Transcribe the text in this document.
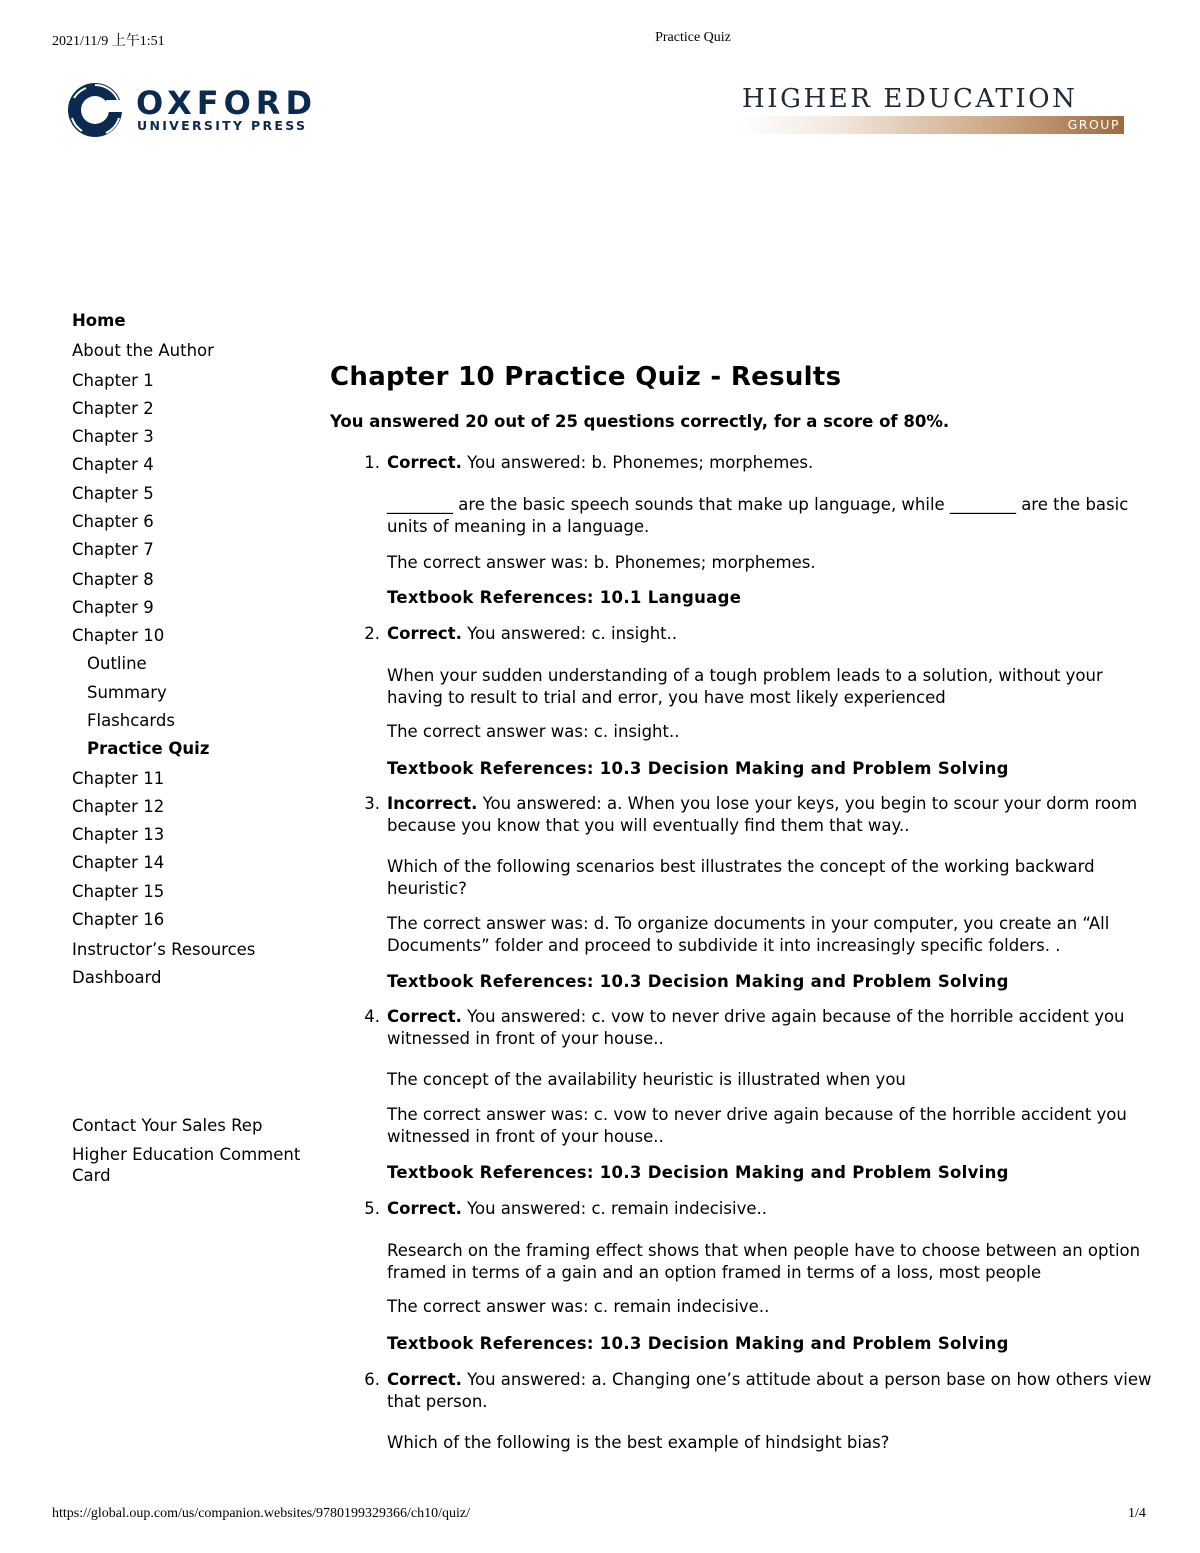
2021/11/9 上午1:51	Practice Quiz
OXFORD
UNIVERSITY PRESS
HIGHER EDUCATION
GROUP
Home
About the Author
Chapter 1
Chapter 2
Chapter 3
Chapter 4
Chapter 5
Chapter 6
Chapter 7
Chapter 8
Chapter 9
Chapter 10
Outline
Summary
Flashcards
Practice Quiz
Chapter 11
Chapter 12
Chapter 13
Chapter 14
Chapter 15
Chapter 16
Instructor’s Resources
Dashboard
Contact Your Sales Rep
Higher Education Comment Card
Chapter 10 Practice Quiz - Results
You answered 20 out of 25 questions correctly, for a score of 80%.
1. Correct. You answered: b. Phonemes; morphemes.
________ are the basic speech sounds that make up language, while ________ are the basic units of meaning in a language.
The correct answer was: b. Phonemes; morphemes.
Textbook References: 10.1 Language
2. Correct. You answered: c. insight..
When your sudden understanding of a tough problem leads to a solution, without your having to result to trial and error, you have most likely experienced
The correct answer was: c. insight..
Textbook References: 10.3 Decision Making and Problem Solving
3. Incorrect. You answered: a. When you lose your keys, you begin to scour your dorm room because you know that you will eventually find them that way..
Which of the following scenarios best illustrates the concept of the working backward heuristic?
The correct answer was: d. To organize documents in your computer, you create an “All Documents” folder and proceed to subdivide it into increasingly specific folders. .
Textbook References: 10.3 Decision Making and Problem Solving
4. Correct. You answered: c. vow to never drive again because of the horrible accident you witnessed in front of your house..
The concept of the availability heuristic is illustrated when you
The correct answer was: c. vow to never drive again because of the horrible accident you witnessed in front of your house..
Textbook References: 10.3 Decision Making and Problem Solving
5. Correct. You answered: c. remain indecisive..
Research on the framing effect shows that when people have to choose between an option framed in terms of a gain and an option framed in terms of a loss, most people
The correct answer was: c. remain indecisive..
Textbook References: 10.3 Decision Making and Problem Solving
6. Correct. You answered: a. Changing one’s attitude about a person base on how others view that person.
Which of the following is the best example of hindsight bias?
https://global.oup.com/us/companion.websites/9780199329366/ch10/quiz/	1/4
